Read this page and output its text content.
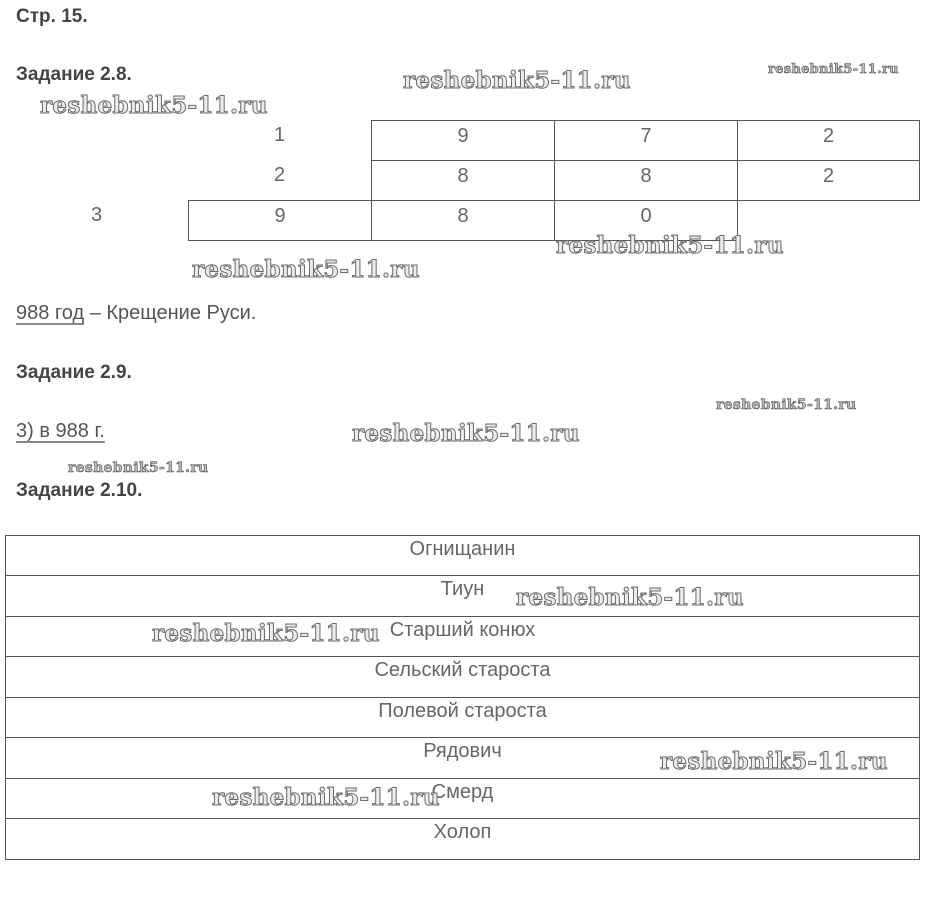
Стр. 15.
Задание 2.8.
1	9	7	2
2	8	8	2
3	9	8	0
988 год – Крещение Руси.
Задание 2.9.
3) в 988 г.
Задание 2.10.
Огнищанин
Тиун
Старший конюх
Сельский староста
Полевой староста
Рядович
Смерд
Холоп
reshebnik5-11.ru	reshebnik5-11.ru
reshebnik5-11.ru
reshebnik5-11.ru
reshebnik5-11.ru
reshebnik5-11.ru
reshebnik5-11.ru
reshebnik5-11.ru
reshebnik5-11.ru
reshebnik5-11.ru
reshebnik5-11.ru
reshebnik5-11.ru
